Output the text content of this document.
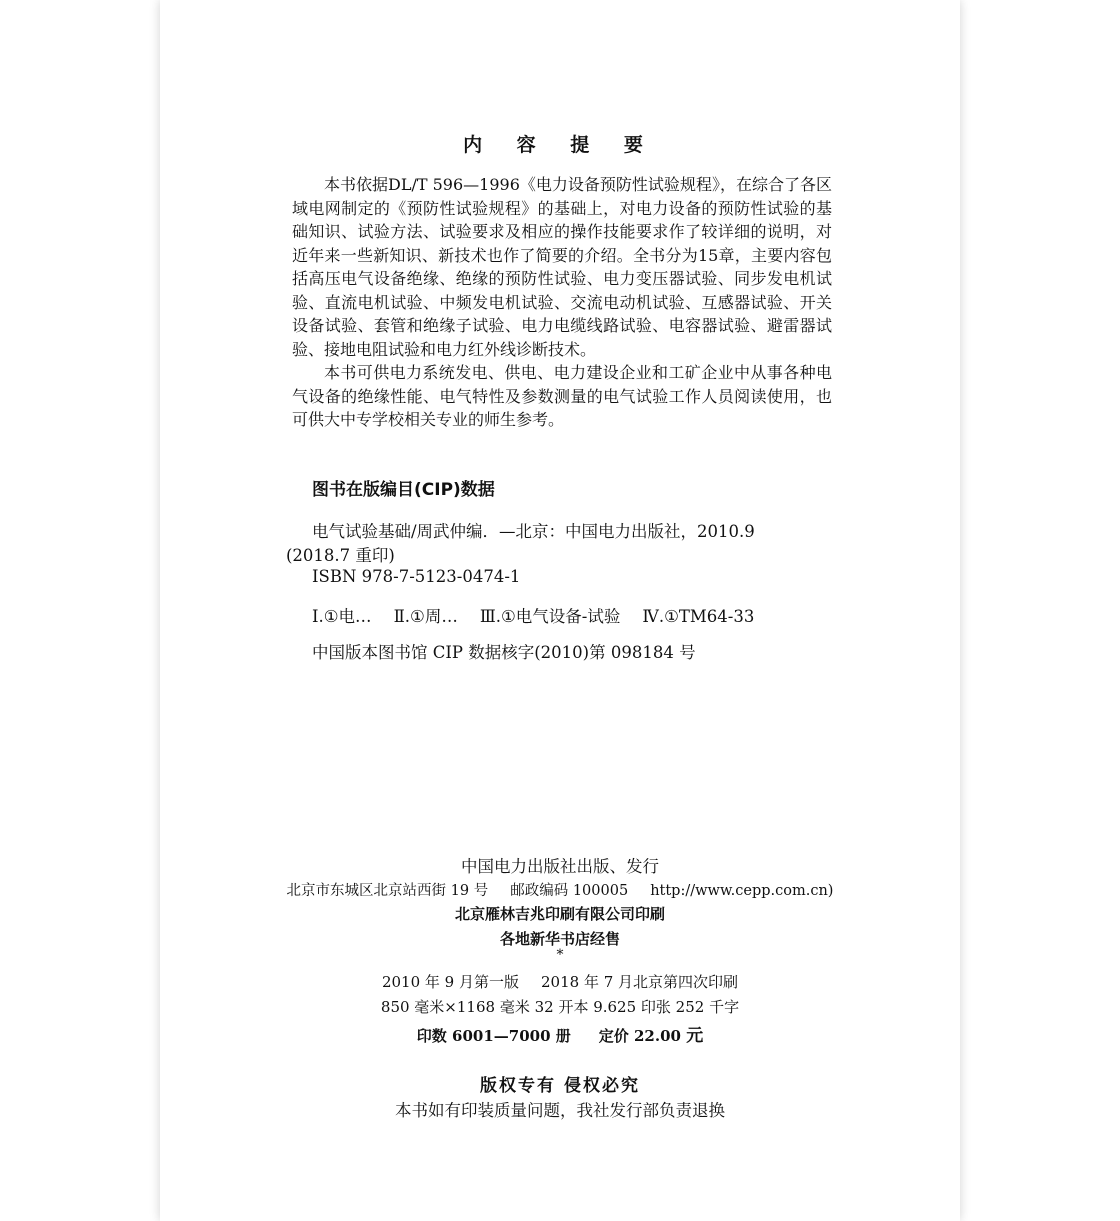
内 容 提 要

本书依据DL/T 596—1996《电力设备预防性试验规程》，在综合了各区域电网制定的《预防性试验规程》的基础上，对电力设备的预防性试验的基础知识、试验方法、试验要求及相应的操作技能要求作了较详细的说明，对近年来一些新知识、新技术也作了简要的介绍。全书分为15章，主要内容包括高压电气设备绝缘、绝缘的预防性试验、电力变压器试验、同步发电机试验、直流电机试验、中频发电机试验、交流电动机试验、互感器试验、开关设备试验、套管和绝缘子试验、电力电缆线路试验、电容器试验、避雷器试验、接地电阻试验和电力红外线诊断技术。

本书可供电力系统发电、供电、电力建设企业和工矿企业中从事各种电气设备的绝缘性能、电气特性及参数测量的电气试验工作人员阅读使用，也可供大中专学校相关专业的师生参考。

图书在版编目(CIP)数据
电气试验基础/周武仲编．—北京：中国电力出版社，2010.9
(2018.7 重印)
ISBN 978-7-5123-0474-1
Ⅰ.①电… Ⅱ.①周… Ⅲ.①电气设备-试验 Ⅳ.①TM64-33
中国版本图书馆 CIP 数据核字(2010)第 098184 号
中国电力出版社出版、发行
北京市东城区北京站西街 19 号 邮政编码 100005 http://www.cepp.com.cn)
北京雁林吉兆印刷有限公司印刷
各地新华书店经售
*
2010 年 9 月第一版 2018 年 7 月北京第四次印刷
850 毫米×1168 毫米 32 开本 9.625 印张 252 千字
印数 6001—7000 册 定价 22.00 元
版权专有 侵权必究
本书如有印装质量问题，我社发行部负责退换
